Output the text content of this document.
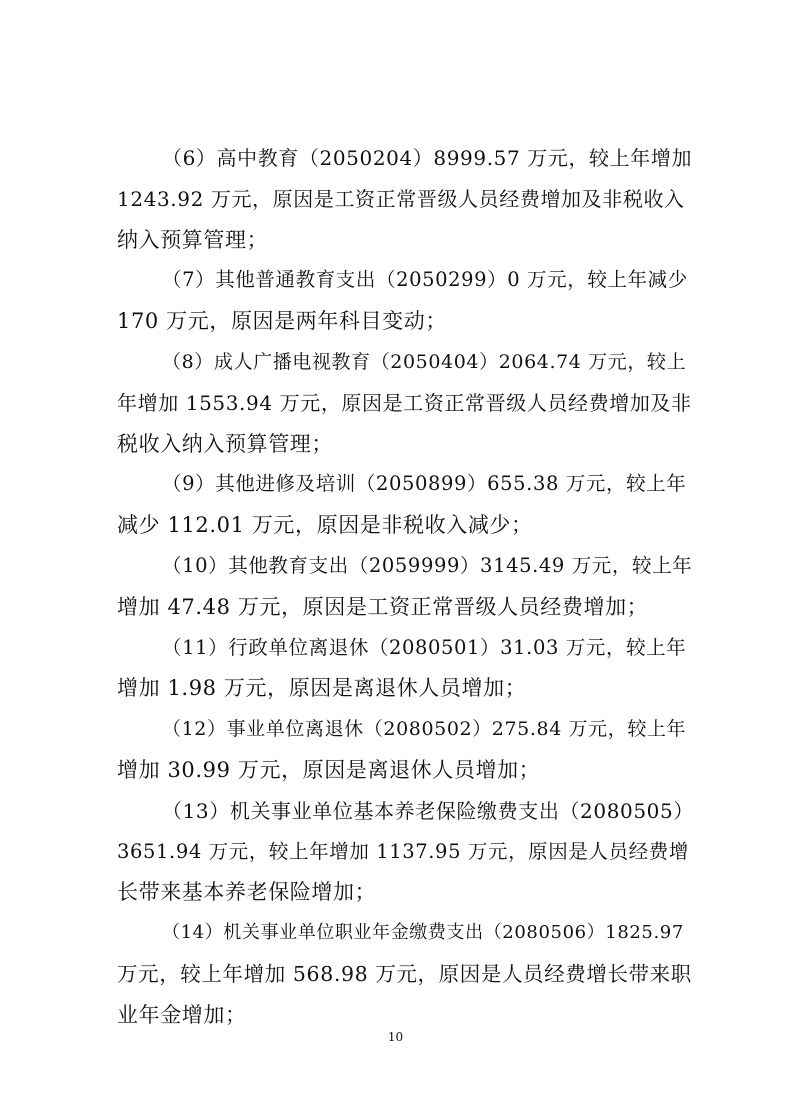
（6）高中教育（2050204）8999.57 万元，较上年增加
1243.92 万元，原因是工资正常晋级人员经费增加及非税收入
纳入预算管理；
（7）其他普通教育支出（2050299）0 万元，较上年减少
170 万元，原因是两年科目变动；
（8）成人广播电视教育（2050404）2064.74 万元，较上
年增加 1553.94 万元，原因是工资正常晋级人员经费增加及非
税收入纳入预算管理；
（9）其他进修及培训（2050899）655.38 万元，较上年
减少 112.01 万元，原因是非税收入减少；
（10）其他教育支出（2059999）3145.49 万元，较上年
增加 47.48 万元，原因是工资正常晋级人员经费增加；
（11）行政单位离退休（2080501）31.03 万元，较上年
增加 1.98 万元，原因是离退休人员增加；
（12）事业单位离退休（2080502）275.84 万元，较上年
增加 30.99 万元，原因是离退休人员增加；
（13）机关事业单位基本养老保险缴费支出（2080505）
3651.94 万元，较上年增加 1137.95 万元，原因是人员经费增
长带来基本养老保险增加；
（14）机关事业单位职业年金缴费支出（2080506）1825.97
万元，较上年增加 568.98 万元，原因是人员经费增长带来职
业年金增加；
10
